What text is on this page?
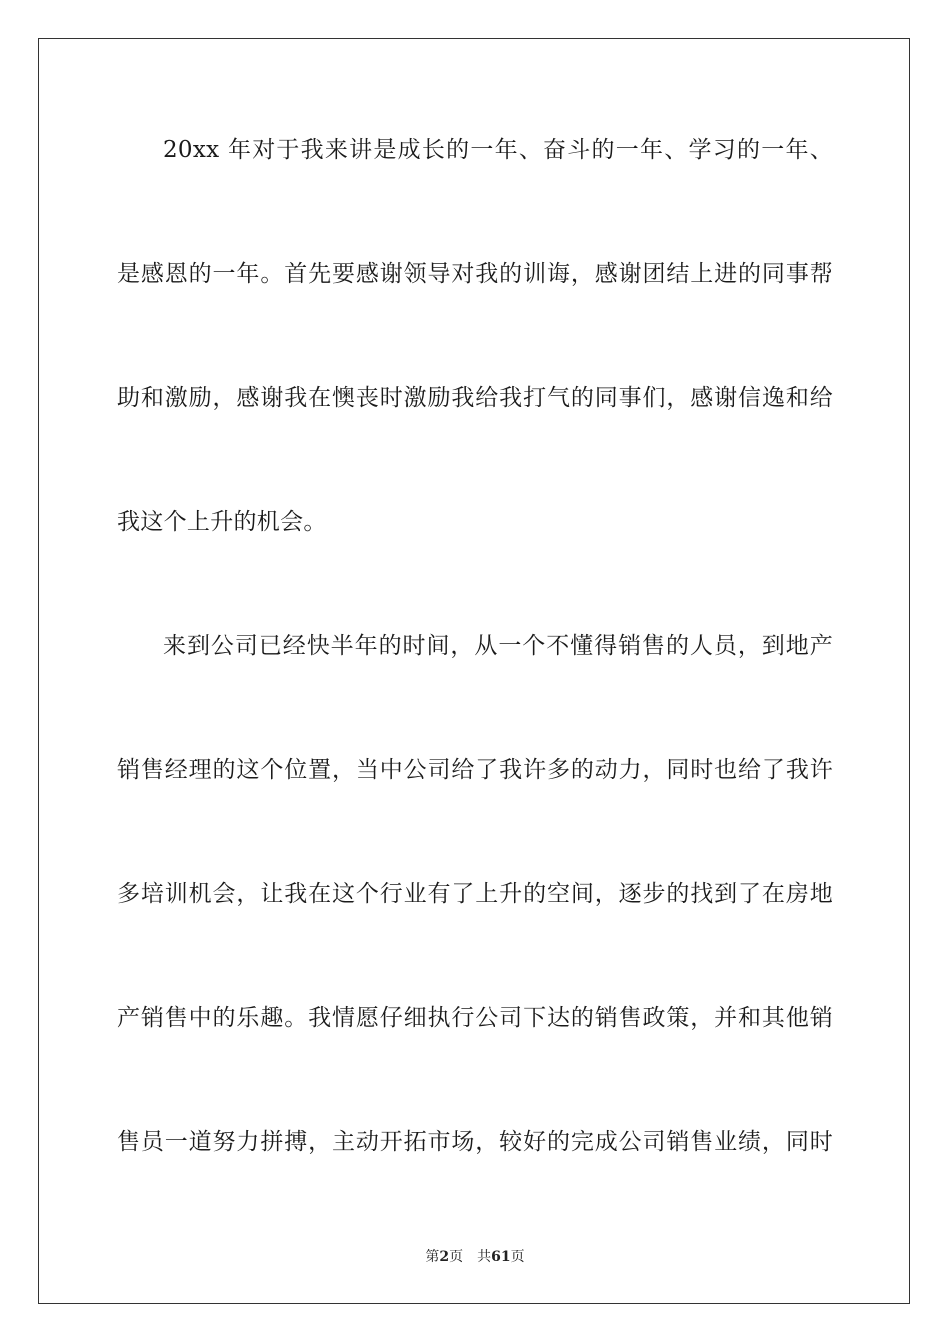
20xx 年对于我来讲是成长的一年、奋斗的一年、学习的一年、
是感恩的一年。首先要感谢领导对我的训诲，感谢团结上进的同事帮
助和激励，感谢我在懊丧时激励我给我打气的同事们，感谢信逸和给
我这个上升的机会。
来到公司已经快半年的时间，从一个不懂得销售的人员，到地产
销售经理的这个位置，当中公司给了我许多的动力，同时也给了我许
多培训机会，让我在这个行业有了上升的空间，逐步的找到了在房地
产销售中的乐趣。我情愿仔细执行公司下达的销售政策，并和其他销
售员一道努力拼搏，主动开拓市场，较好的完成公司销售业绩，同时
第2页 共61页
